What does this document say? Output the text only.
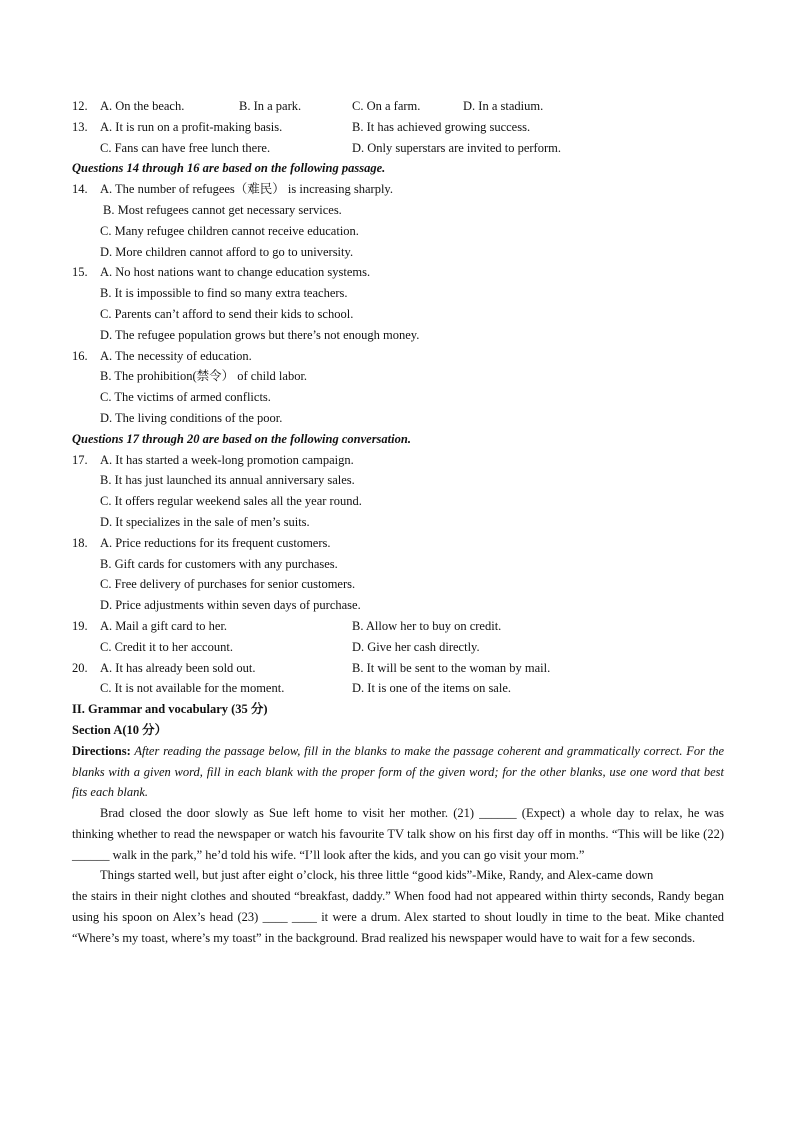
12. A. On the beach.	B. In a park.	C. On a farm.	D. In a stadium.
13. A. It is run on a profit-making basis.	B. It has achieved growing success.
C. Fans can have free lunch there.	D. Only superstars are invited to perform.
Questions 14 through 16 are based on the following passage.
14. A. The number of refugees（难民） is increasing sharply.
B. Most refugees cannot get necessary services.
C. Many refugee children cannot receive education.
D. More children cannot afford to go to university.
15. A. No host nations want to change education systems.
B. It is impossible to find so many extra teachers.
C. Parents can’t afford to send their kids to school.
D. The refugee population grows but there’s not enough money.
16. A. The necessity of education.
B. The prohibition(禁令） of child labor.
C. The victims of armed conflicts.
D. The living conditions of the poor.
Questions 17 through 20 are based on the following conversation.
17. A. It has started a week-long promotion campaign.
B. It has just launched its annual anniversary sales.
C. It offers regular weekend sales all the year round.
D. It specializes in the sale of men’s suits.
18. A. Price reductions for its frequent customers.
B. Gift cards for customers with any purchases.
C. Free delivery of purchases for senior customers.
D. Price adjustments within seven days of purchase.
19. A. Mail a gift card to her.	B. Allow her to buy on credit.
C. Credit it to her account.	D. Give her cash directly.
20. A. It has already been sold out.	B. It will be sent to the woman by mail.
C. It is not available for the moment.	D. It is one of the items on sale.
II. Grammar and vocabulary (35 分)
Section A(10 分）
Directions: After reading the passage below, fill in the blanks to make the passage coherent and grammatically correct. For the blanks with a given word, fill in each blank with the proper form of the given word; for the other blanks, use one word that best fits each blank.
Brad closed the door slowly as Sue left home to visit her mother. (21) ______ (Expect) a whole day to relax, he was thinking whether to read the newspaper or watch his favourite TV talk show on his first day off in months. “This will be like (22) ______ walk in the park,” he’d told his wife. “I’ll look after the kids, and you can go visit your mom.”
Things started well, but just after eight o’clock, his three little “good kids”-Mike, Randy, and Alex-came down
the stairs in their night clothes and shouted “breakfast, daddy.” When food had not appeared within thirty seconds, Randy began using his spoon on Alex’s head (23) ____ ____ it were a drum. Alex started to shout loudly in time to the beat. Mike chanted “Where’s my toast, where’s my toast” in the background. Brad realized his newspaper would have to wait for a few seconds.
